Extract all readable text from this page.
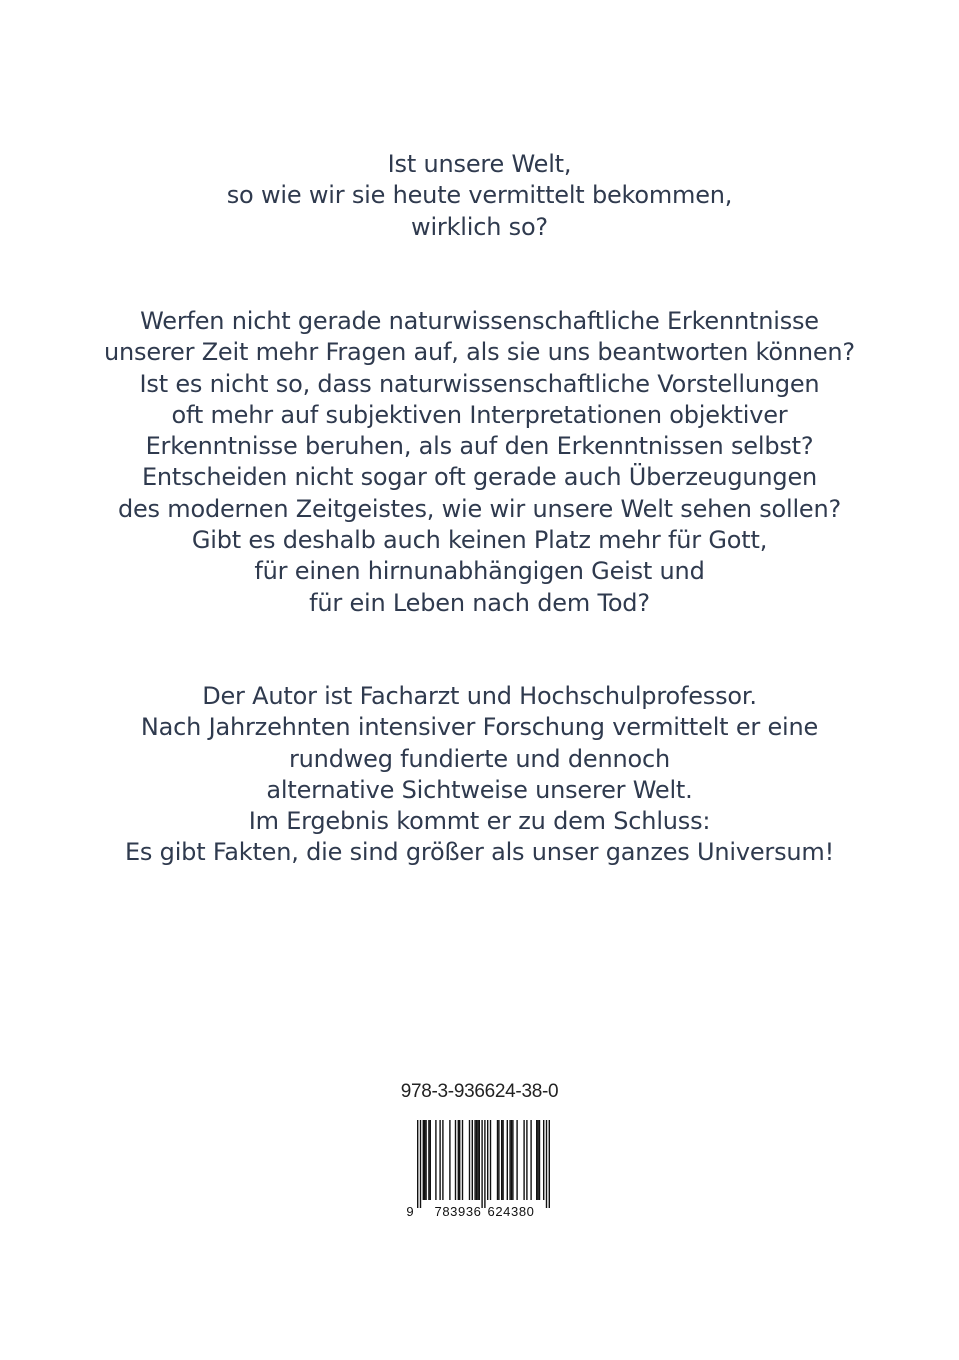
Ist unsere Welt,
so wie wir sie heute vermittelt bekommen,
wirklich so?
Werfen nicht gerade naturwissenschaftliche Erkenntnisse
unserer Zeit mehr Fragen auf, als sie uns beantworten können?
Ist es nicht so, dass naturwissenschaftliche Vorstellungen
oft mehr auf subjektiven Interpretationen objektiver
Erkenntnisse beruhen, als auf den Erkenntnissen selbst?
Entscheiden nicht sogar oft gerade auch Überzeugungen
des modernen Zeitgeistes, wie wir unsere Welt sehen sollen?
Gibt es deshalb auch keinen Platz mehr für Gott,
für einen hirnunabhängigen Geist und
für ein Leben nach dem Tod?
Der Autor ist Facharzt und Hochschulprofessor.
Nach Jahrzehnten intensiver Forschung vermittelt er eine
rundweg fundierte und dennoch
alternative Sichtweise unserer Welt.
Im Ergebnis kommt er zu dem Schluss:
Es gibt Fakten, die sind größer als unser ganzes Universum!
978-3-936624-38-0
9 783936 624380
